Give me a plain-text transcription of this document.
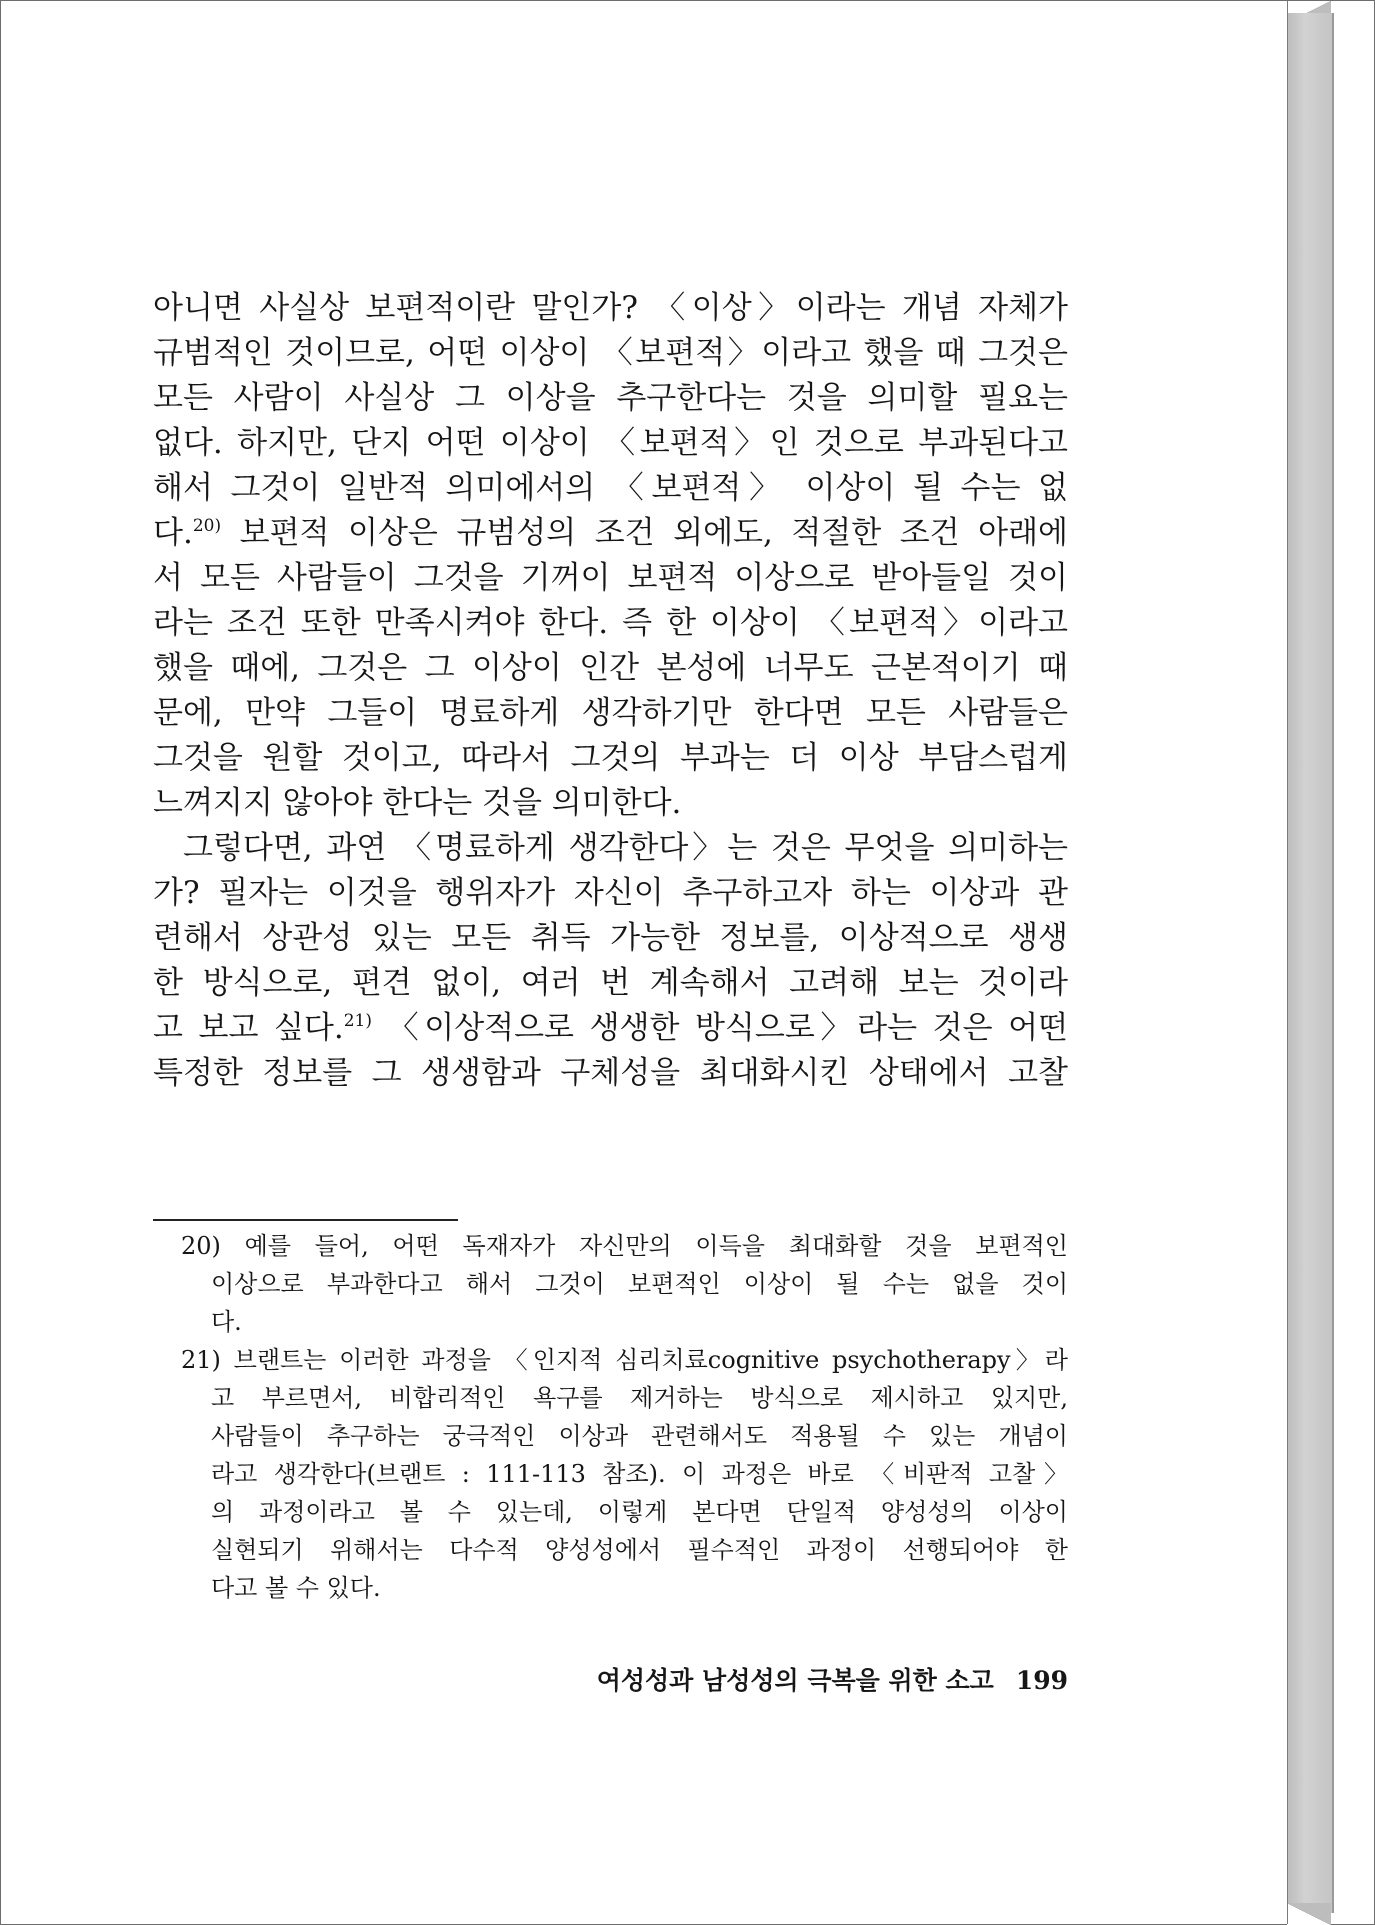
아니면 사실상 보편적이란 말인가? 〈이상〉이라는 개념 자체가
규범적인 것이므로, 어떤 이상이 〈보편적〉이라고 했을 때 그것은
모든 사람이 사실상 그 이상을 추구한다는 것을 의미할 필요는
없다. 하지만, 단지 어떤 이상이 〈보편적〉인 것으로 부과된다고
해서 그것이 일반적 의미에서의 〈보편적〉 이상이 될 수는 없
다.$^{20)}$ 보편적 이상은 규범성의 조건 외에도, 적절한 조건 아래에
서 모든 사람들이 그것을 기꺼이 보편적 이상으로 받아들일 것이
라는 조건 또한 만족시켜야 한다. 즉 한 이상이 〈보편적〉이라고
했을 때에, 그것은 그 이상이 인간 본성에 너무도 근본적이기 때
문에, 만약 그들이 명료하게 생각하기만 한다면 모든 사람들은
그것을 원할 것이고, 따라서 그것의 부과는 더 이상 부담스럽게
느껴지지 않아야 한다는 것을 의미한다.
그렇다면, 과연 〈명료하게 생각한다〉는 것은 무엇을 의미하는
가? 필자는 이것을 행위자가 자신이 추구하고자 하는 이상과 관
련해서 상관성 있는 모든 취득 가능한 정보를, 이상적으로 생생
한 방식으로, 편견 없이, 여러 번 계속해서 고려해 보는 것이라
고 보고 싶다.$^{21)}$ 〈이상적으로 생생한 방식으로〉라는 것은 어떤
특정한 정보를 그 생생함과 구체성을 최대화시킨 상태에서 고찰
20) 예를 들어, 어떤 독재자가 자신만의 이득을 최대화할 것을 보편적인
이상으로 부과한다고 해서 그것이 보편적인 이상이 될 수는 없을 것이
다.
21) 브랜트는 이러한 과정을 〈인지적 심리치료cognitive psychotherapy〉라
고 부르면서, 비합리적인 욕구를 제거하는 방식으로 제시하고 있지만,
사람들이 추구하는 궁극적인 이상과 관련해서도 적용될 수 있는 개념이
라고 생각한다(브랜트 : 111-113 참조). 이 과정은 바로 〈비판적 고찰〉
의 과정이라고 볼 수 있는데, 이렇게 본다면 단일적 양성성의 이상이
실현되기 위해서는 다수적 양성성에서 필수적인 과정이 선행되어야 한
다고 볼 수 있다.
여성성과 남성성의 극복을 위한 소고 199
